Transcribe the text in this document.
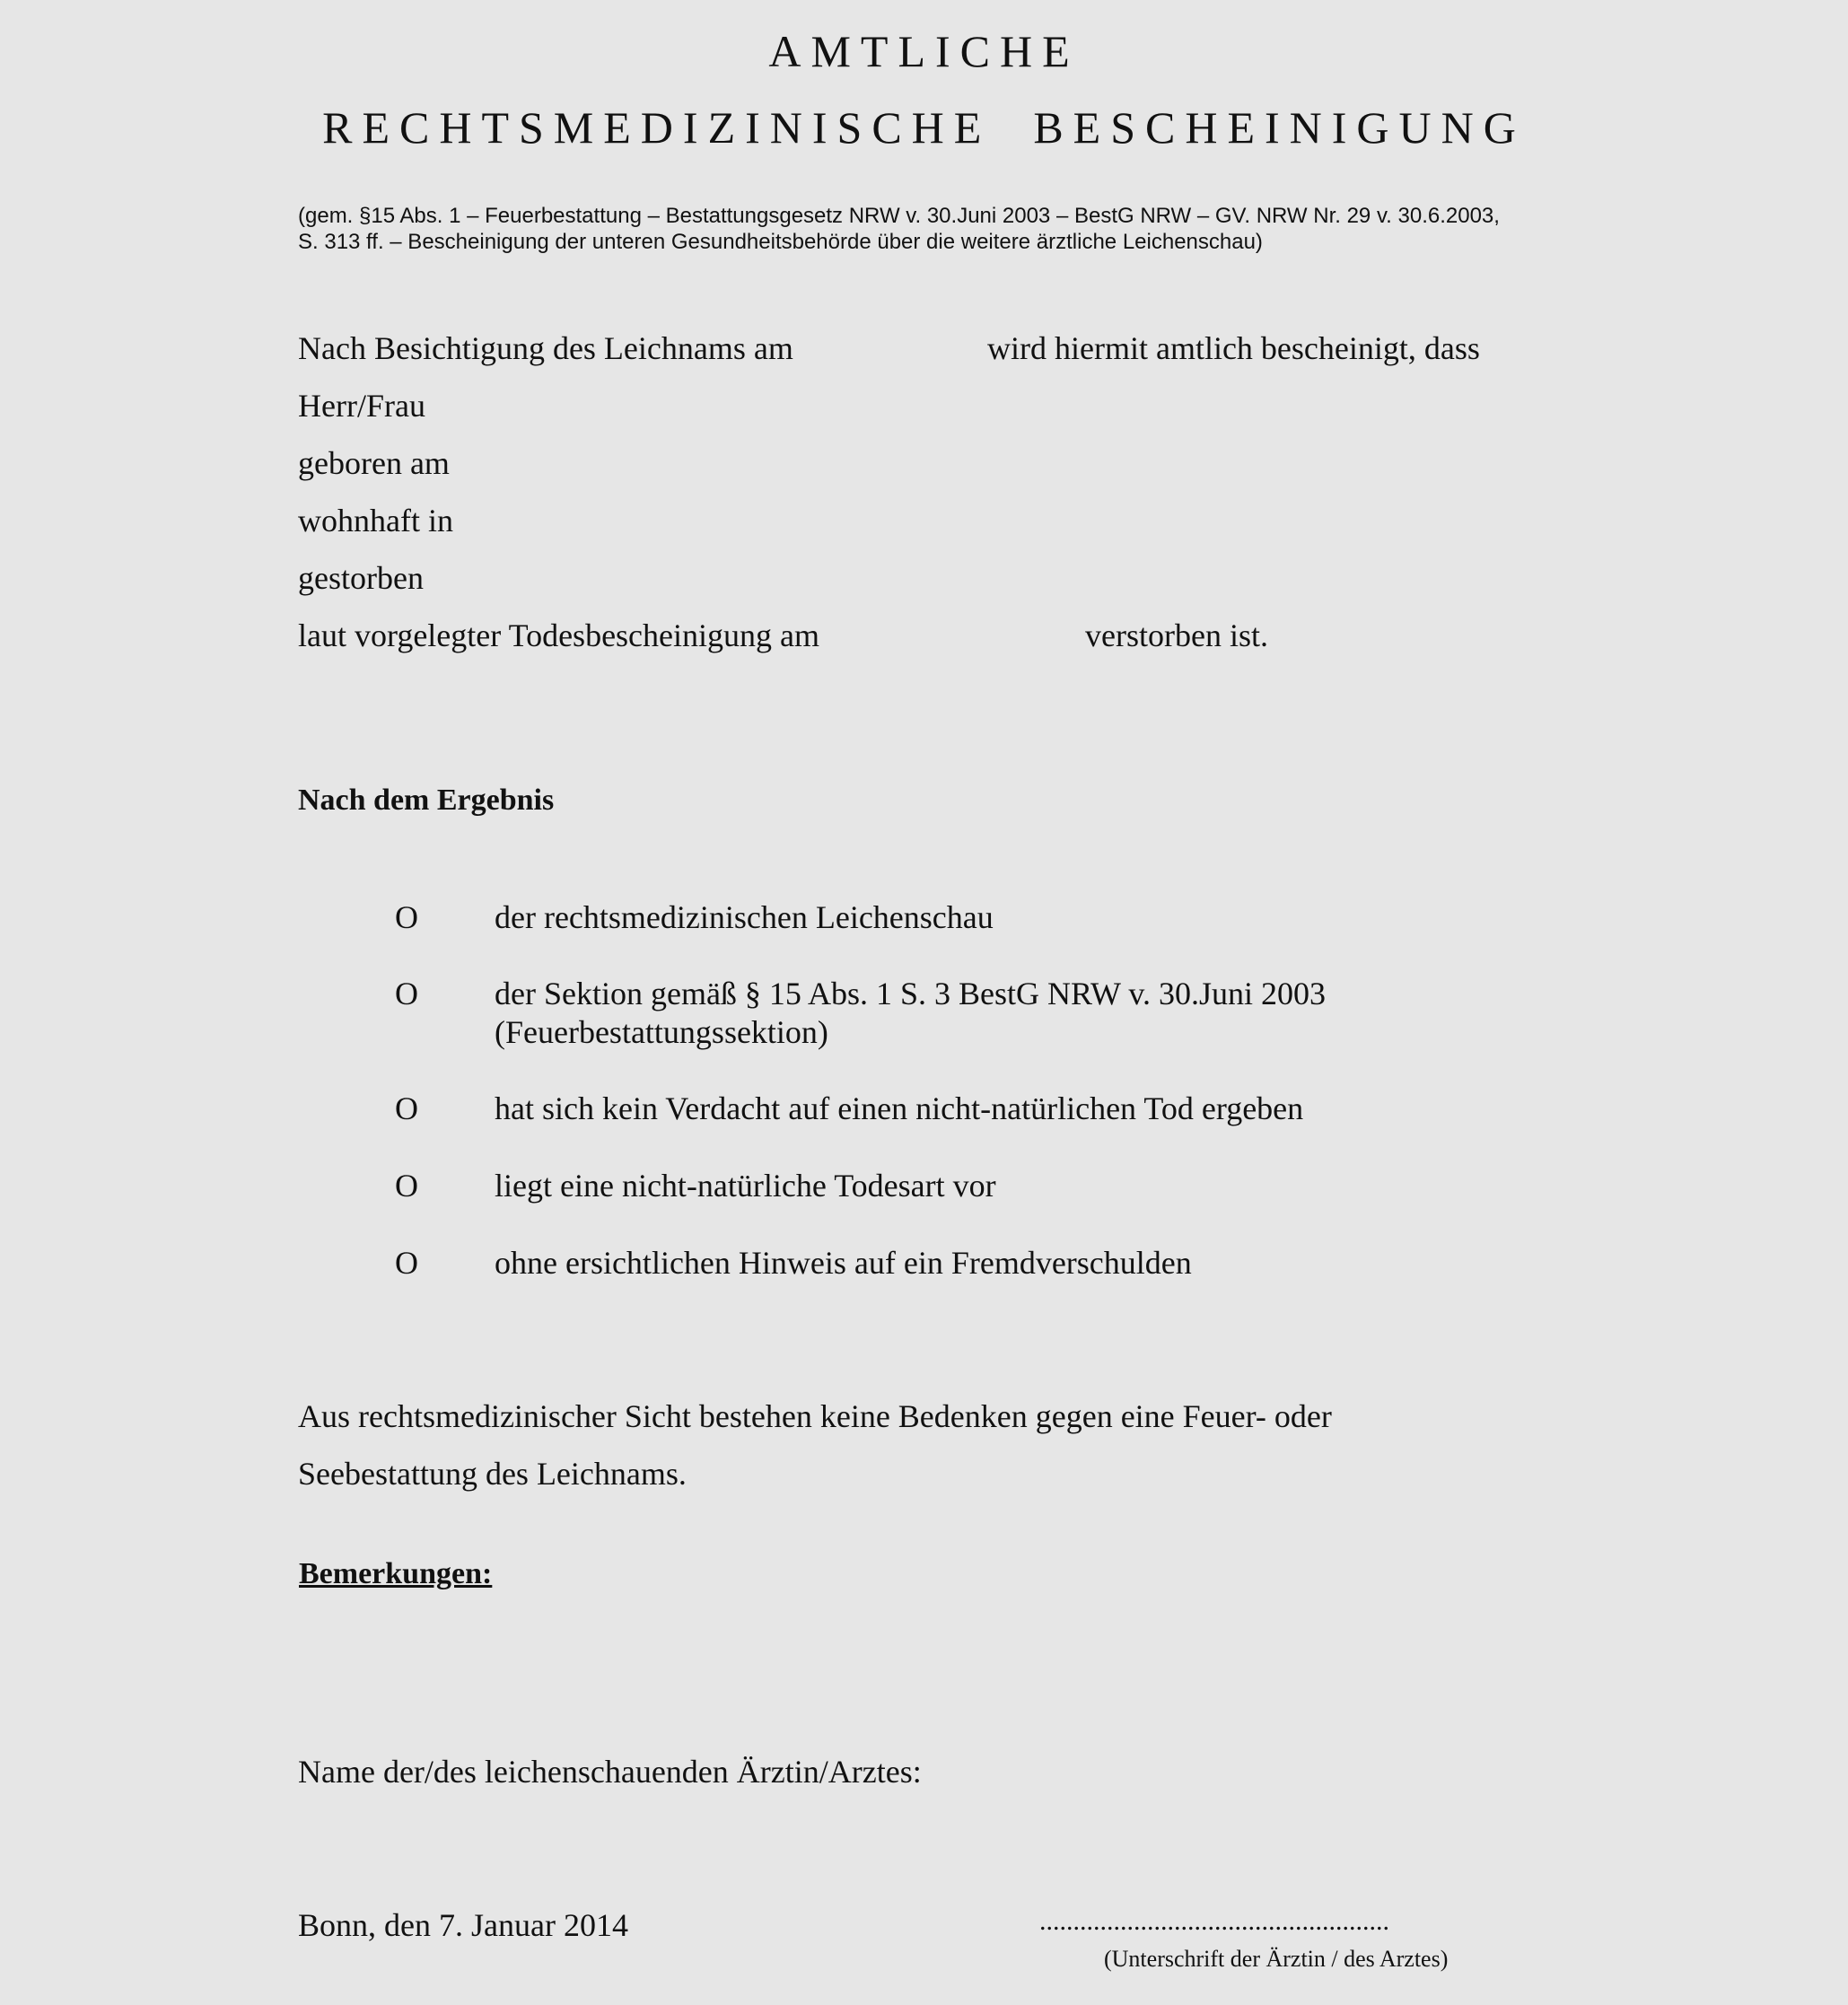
AMTLICHE
RECHTSMEDIZINISCHE  BESCHEINIGUNG
(gem. §15 Abs. 1 – Feuerbestattung – Bestattungsgesetz NRW v. 30.Juni 2003 – BestG NRW – GV. NRW Nr. 29 v. 30.6.2003,
S. 313 ff. – Bescheinigung der unteren Gesundheitsbehörde über die weitere ärztliche Leichenschau)
Nach Besichtigung des Leichnams am	wird hiermit amtlich bescheinigt, dass
Herr/Frau
geboren am
wohnhaft in
gestorben
laut vorgelegter Todesbescheinigung am	verstorben ist.
Nach dem Ergebnis
O der rechtsmedizinischen Leichenschau
O der Sektion gemäß § 15 Abs. 1 S. 3 BestG NRW v. 30.Juni 2003
(Feuerbestattungssektion)
O hat sich kein Verdacht auf einen nicht-natürlichen Tod ergeben
O liegt eine nicht-natürliche Todesart vor
O ohne ersichtlichen Hinweis auf ein Fremdverschulden
Aus rechtsmedizinischer Sicht bestehen keine Bedenken gegen eine Feuer- oder
Seebestattung des Leichnams.
Bemerkungen:
Name der/des leichenschauenden Ärztin/Arztes:
Bonn, den 7. Januar 2014	....................................................
(Unterschrift der Ärztin / des Arztes)
